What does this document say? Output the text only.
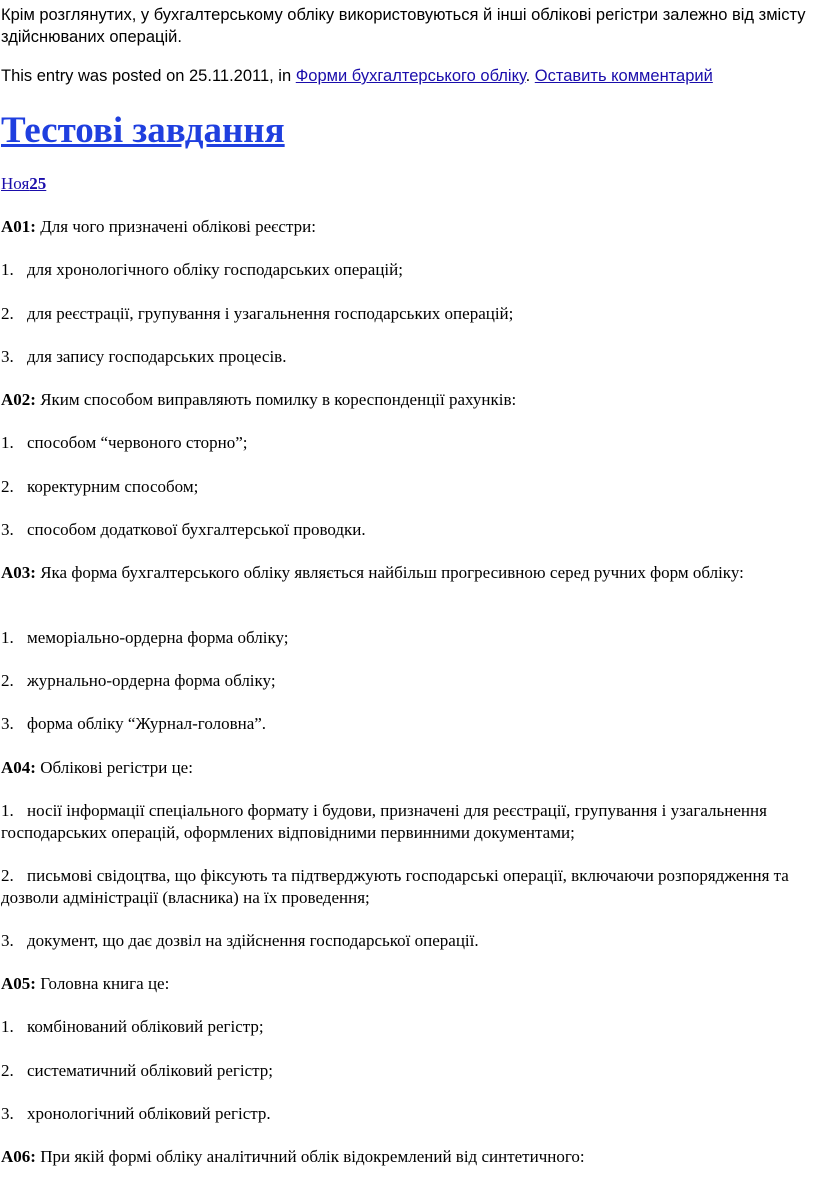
Крім розглянутих, у бухгалтерському обліку використовуються й інші облікові регістри залежно від змісту здійснюваних операцій.

This entry was posted on 25.11.2011, in Форми бухгалтерського обліку. Оставить комментарий

Тестові завдання

Ноя25

А01: Для чого призначені облікові реєстри:

1. для хронологічного обліку господарських операцій;

2. для реєстрації, групування і узагальнення господарських операцій;

3. для запису господарських процесів.

А02: Яким способом виправляють помилку в кореспонденції рахунків:

1. способом “червоного сторно”;

2. коректурним способом;

3. способом додаткової бухгалтерської проводки.

А03: Яка форма бухгалтерського обліку являється найбільш прогресивною серед ручних форм обліку:

1. меморіально-ордерна форма обліку;

2. журнально-ордерна форма обліку;

3. форма обліку “Журнал-головна”.

А04: Облікові регістри це:

1. носії інформації спеціального формату і будови, призначені для реєстрації, групування і узагальнення господарських операцій, оформлених відповідними первинними документами;

2. письмові свідоцтва, що фіксують та підтверджують господарські операції, включаючи розпорядження та дозволи адміністрації (власника) на їх проведення;

3. документ, що дає дозвіл на здійснення господарської операції.

А05: Головна книга це:

1. комбінований обліковий регістр;

2. систематичний обліковий регістр;

3. хронологічний обліковий регістр.

А06: При якій формі обліку аналітичний облік відокремлений від синтетичного:
